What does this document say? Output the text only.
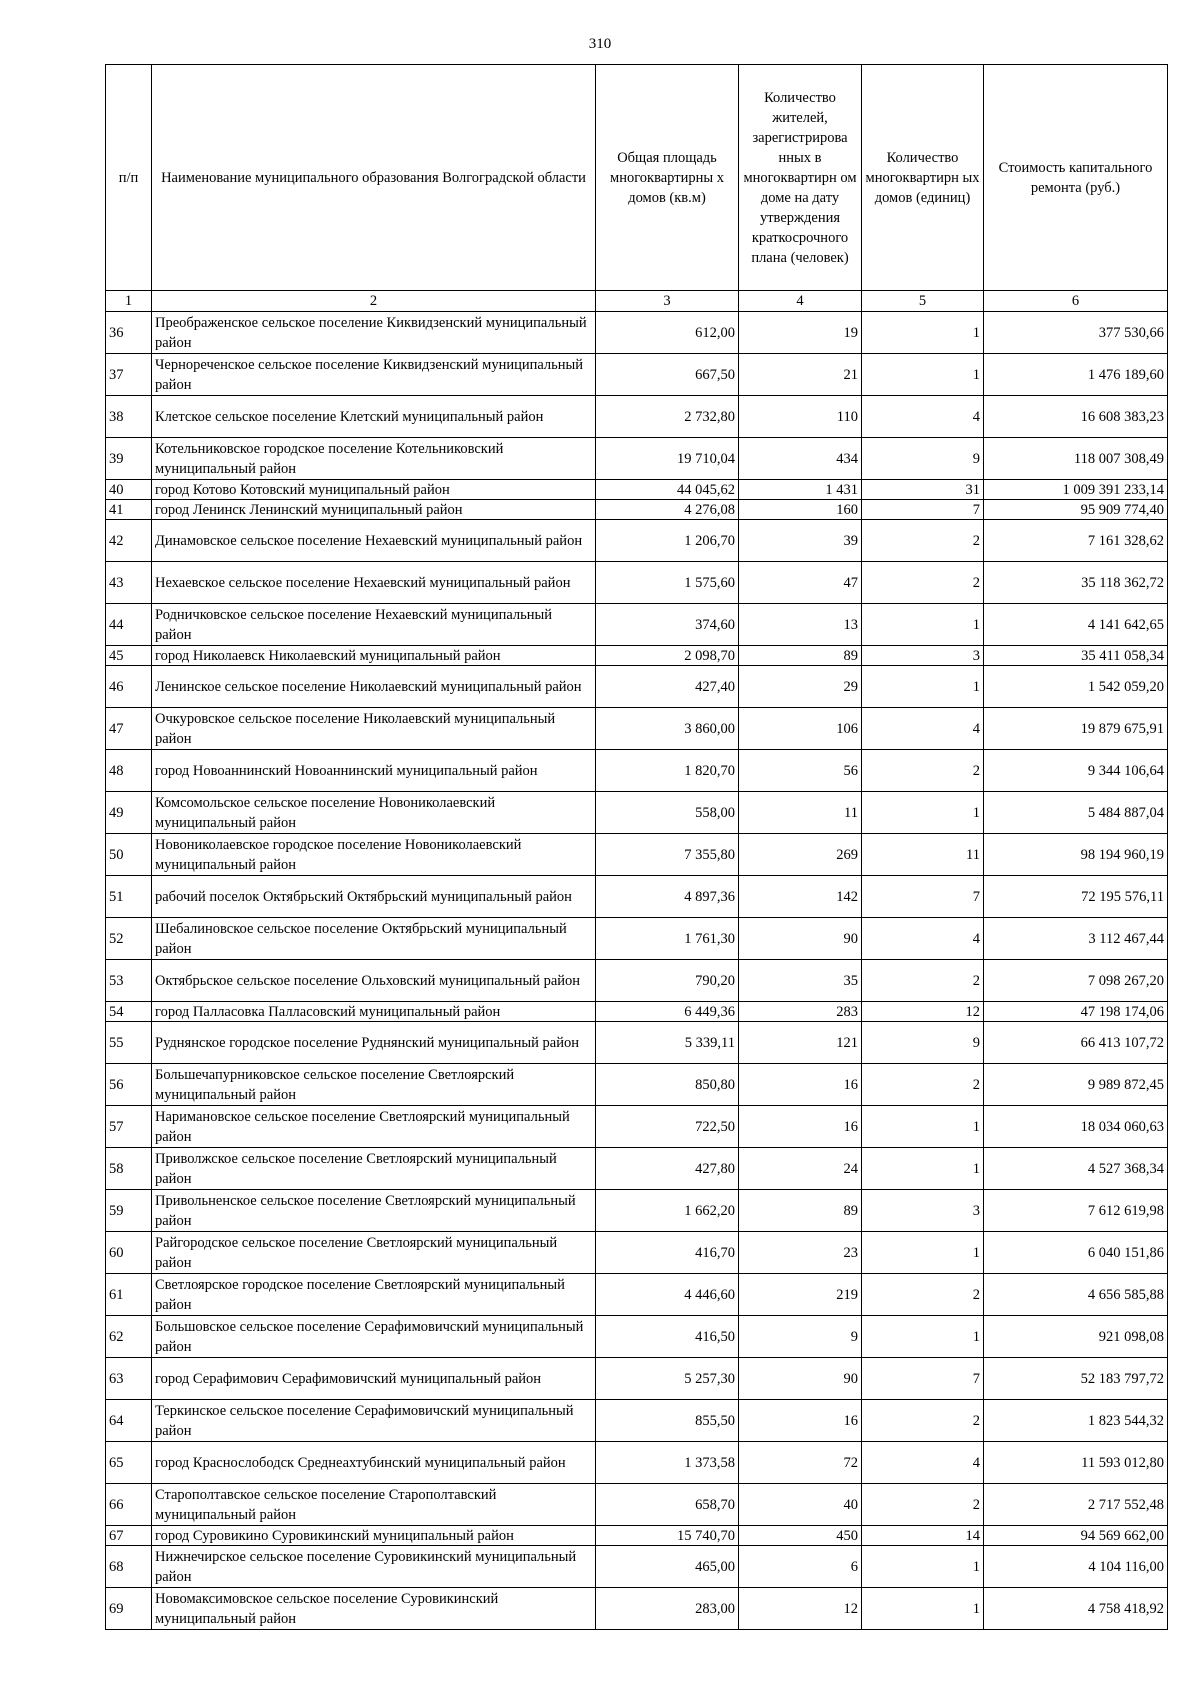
310
п/п	Наименование муниципального образования Волгоградской области	Общая площадь многоквартирны х домов (кв.м)	Количество жителей, зарегистрирова нных в многоквартирн ом доме на дату утверждения краткосрочного плана (человек)	Количество многоквартирн ых домов (единиц)	Стоимость капитального ремонта (руб.)
1	2	3	4	5	6
36	Преображенское сельское поселение Киквидзенский муниципальный район	612,00	19	1	377 530,66
37	Чернореченское сельское поселение Киквидзенский муниципальный район	667,50	21	1	1 476 189,60
38	Клетское сельское поселение Клетский муниципальный район	2 732,80	110	4	16 608 383,23
39	Котельниковское городское поселение Котельниковский муниципальный район	19 710,04	434	9	118 007 308,49
40	город Котово Котовский муниципальный район	44 045,62	1 431	31	1 009 391 233,14
41	город Ленинск Ленинский муниципальный район	4 276,08	160	7	95 909 774,40
42	Динамовское сельское поселение Нехаевский муниципальный район	1 206,70	39	2	7 161 328,62
43	Нехаевское сельское поселение Нехаевский муниципальный район	1 575,60	47	2	35 118 362,72
44	Родничковское сельское поселение Нехаевский муниципальный район	374,60	13	1	4 141 642,65
45	город Николаевск Николаевский муниципальный район	2 098,70	89	3	35 411 058,34
46	Ленинское сельское поселение Николаевский муниципальный район	427,40	29	1	1 542 059,20
47	Очкуровское сельское поселение Николаевский муниципальный район	3 860,00	106	4	19 879 675,91
48	город Новоаннинский Новоаннинский муниципальный район	1 820,70	56	2	9 344 106,64
49	Комсомольское сельское поселение Новониколаевский муниципальный район	558,00	11	1	5 484 887,04
50	Новониколаевское городское поселение Новониколаевский муниципальный район	7 355,80	269	11	98 194 960,19
51	рабочий поселок Октябрьский Октябрьский муниципальный район	4 897,36	142	7	72 195 576,11
52	Шебалиновское сельское поселение Октябрьский муниципальный район	1 761,30	90	4	3 112 467,44
53	Октябрьское сельское поселение Ольховский муниципальный район	790,20	35	2	7 098 267,20
54	город Палласовка Палласовский муниципальный район	6 449,36	283	12	47 198 174,06
55	Руднянское городское поселение Руднянский муниципальный район	5 339,11	121	9	66 413 107,72
56	Большечапурниковское сельское поселение Светлоярский муниципальный район	850,80	16	2	9 989 872,45
57	Наримановское сельское поселение Светлоярский муниципальный район	722,50	16	1	18 034 060,63
58	Приволжское сельское поселение Светлоярский муниципальный район	427,80	24	1	4 527 368,34
59	Привольненское сельское поселение Светлоярский муниципальный район	1 662,20	89	3	7 612 619,98
60	Райгородское сельское поселение Светлоярский муниципальный район	416,70	23	1	6 040 151,86
61	Светлоярское городское поселение Светлоярский муниципальный район	4 446,60	219	2	4 656 585,88
62	Большовское сельское поселение Серафимовичский муниципальный район	416,50	9	1	921 098,08
63	город Серафимович Серафимовичский муниципальный район	5 257,30	90	7	52 183 797,72
64	Теркинское сельское поселение Серафимовичский муниципальный район	855,50	16	2	1 823 544,32
65	город Краснослободск Среднеахтубинский муниципальный район	1 373,58	72	4	11 593 012,80
66	Старополтавское сельское поселение Старополтавский муниципальный район	658,70	40	2	2 717 552,48
67	город Суровикино Суровикинский муниципальный район	15 740,70	450	14	94 569 662,00
68	Нижнечирское сельское поселение Суровикинский муниципальный район	465,00	6	1	4 104 116,00
69	Новомаксимовское сельское поселение Суровикинский муниципальный район	283,00	12	1	4 758 418,92
